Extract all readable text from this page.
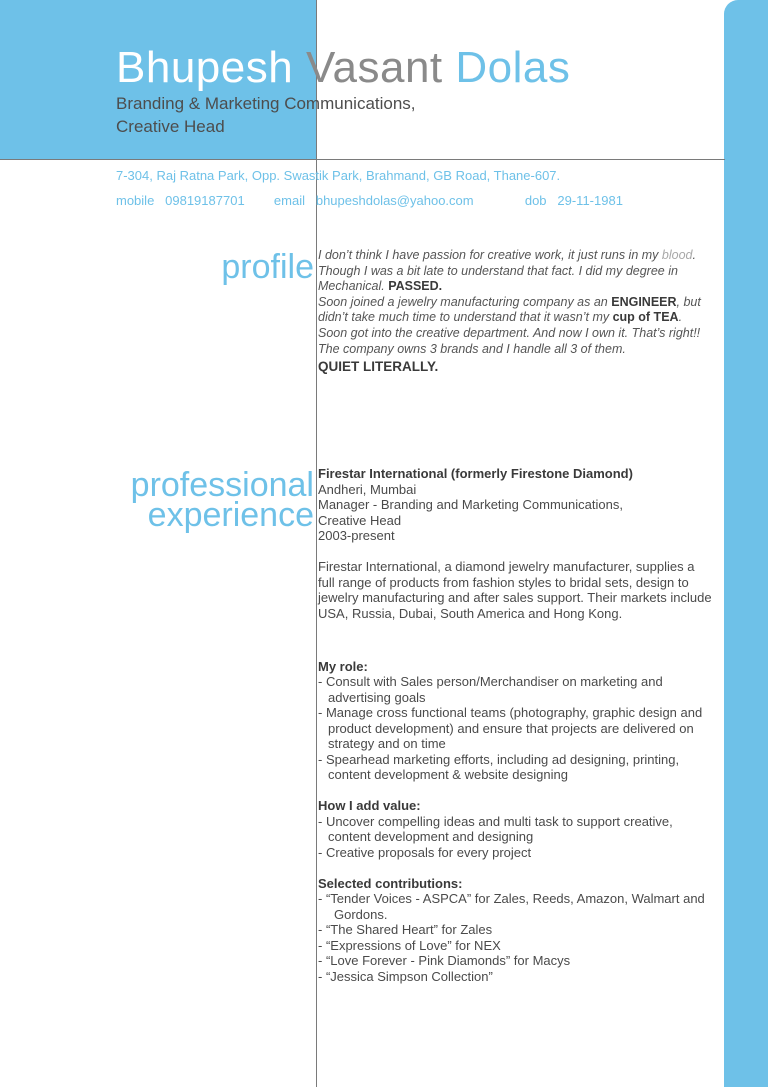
Bhupesh Vasant Dolas
Branding & Marketing Communications,
Creative Head
7-304, Raj Ratna Park, Opp. Swastik Park, Brahmand, GB Road, Thane-607.
mobile 09819187701 email bhupeshdolas@yahoo.com	dob 29-11-1981
profile I don’t think I have passion for creative work, it just runs in my blood. Though I was a bit late to understand that fact. I did my degree in Mechanical. PASSED.
Soon joined a jewelry manufacturing company as an ENGINEER, but didn’t take much time to understand that it wasn’t my cup of TEA. Soon got into the creative department. And now I own it. That’s right!!
The company owns 3 brands and I handle all 3 of them.
QUIET LITERALLY.
professional
experience
Firestar International (formerly Firestone Diamond)
Andheri, Mumbai
Manager - Branding and Marketing Communications,
Creative Head
2003-present
Firestar International, a diamond jewelry manufacturer, supplies a full range of products from fashion styles to bridal sets, design to jewelry manufacturing and after sales support. Their markets include USA, Russia, Dubai, South America and Hong Kong.
My role:
- Consult with Sales person/Merchandiser on marketing and advertising goals
- Manage cross functional teams (photography, graphic design and product development) and ensure that projects are delivered on strategy and on time
- Spearhead marketing efforts, including ad designing, printing, content development & website designing
How I add value:
- Uncover compelling ideas and multi task to support creative, content development and designing
- Creative proposals for every project
Selected contributions:
- “Tender Voices - ASPCA” for Zales, Reeds, Amazon, Walmart and Gordons.
- “The Shared Heart” for Zales
- “Expressions of Love” for NEX
- “Love Forever - Pink Diamonds” for Macys
- “Jessica Simpson Collection”
